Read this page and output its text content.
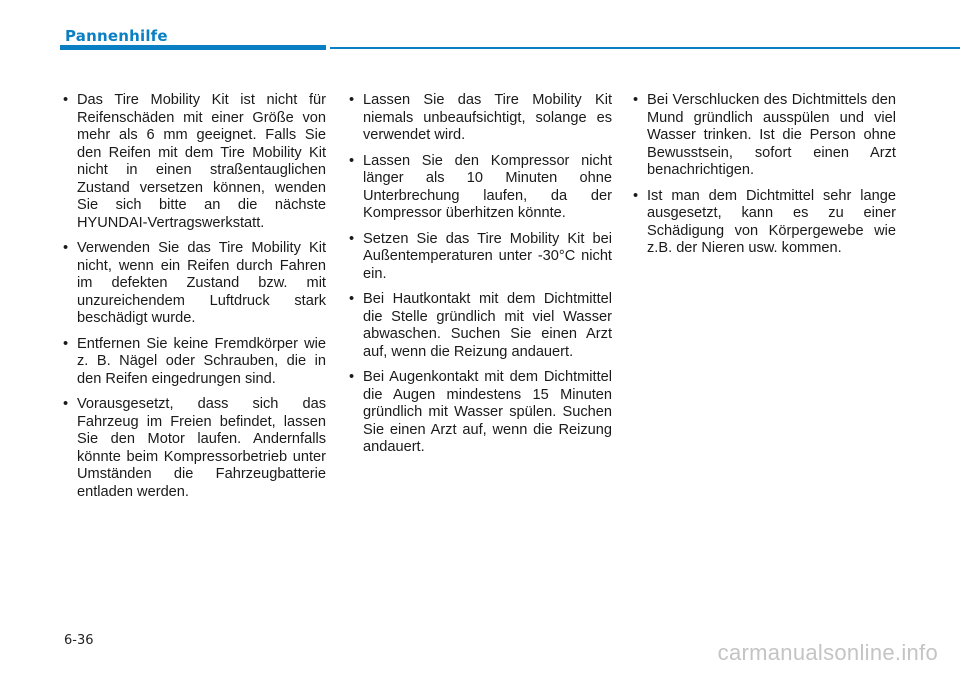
Pannenhilfe
• Das Tire Mobility Kit ist nicht für Reifenschäden mit einer Größe von mehr als 6 mm geeignet. Falls Sie den Reifen mit dem Tire Mobility Kit nicht in einen straßentauglichen Zustand versetzen können, wenden Sie sich bitte an die nächste HYUNDAI-Vertragswerkstatt.
• Verwenden Sie das Tire Mobility Kit nicht, wenn ein Reifen durch Fahren im defekten Zustand bzw. mit unzureichendem Luftdruck stark beschädigt wurde.
• Entfernen Sie keine Fremdkörper wie z. B. Nägel oder Schrauben, die in den Reifen eingedrungen sind.
• Vorausgesetzt, dass sich das Fahrzeug im Freien befindet, lassen Sie den Motor laufen. Andernfalls könnte beim Kompressorbetrieb unter Umständen die Fahrzeugbatterie entladen werden.
• Lassen Sie das Tire Mobility Kit niemals unbeaufsichtigt, solange es verwendet wird.
• Lassen Sie den Kompressor nicht länger als 10 Minuten ohne Unterbrechung laufen, da der Kompressor überhitzen könnte.
• Setzen Sie das Tire Mobility Kit bei Außentemperaturen unter -30°C nicht ein.
• Bei Hautkontakt mit dem Dichtmittel die Stelle gründlich mit viel Wasser abwaschen. Suchen Sie einen Arzt auf, wenn die Reizung andauert.
• Bei Augenkontakt mit dem Dichtmittel die Augen mindestens 15 Minuten gründlich mit Wasser spülen. Suchen Sie einen Arzt auf, wenn die Reizung andauert.
• Bei Verschlucken des Dichtmittels den Mund gründlich ausspülen und viel Wasser trinken. Ist die Person ohne Bewusstsein, sofort einen Arzt benachrichtigen.
• Ist man dem Dichtmittel sehr lange ausgesetzt, kann es zu einer Schädigung von Körpergewebe wie z.B. der Nieren usw. kommen.
6-36	carmanualsonline.info
